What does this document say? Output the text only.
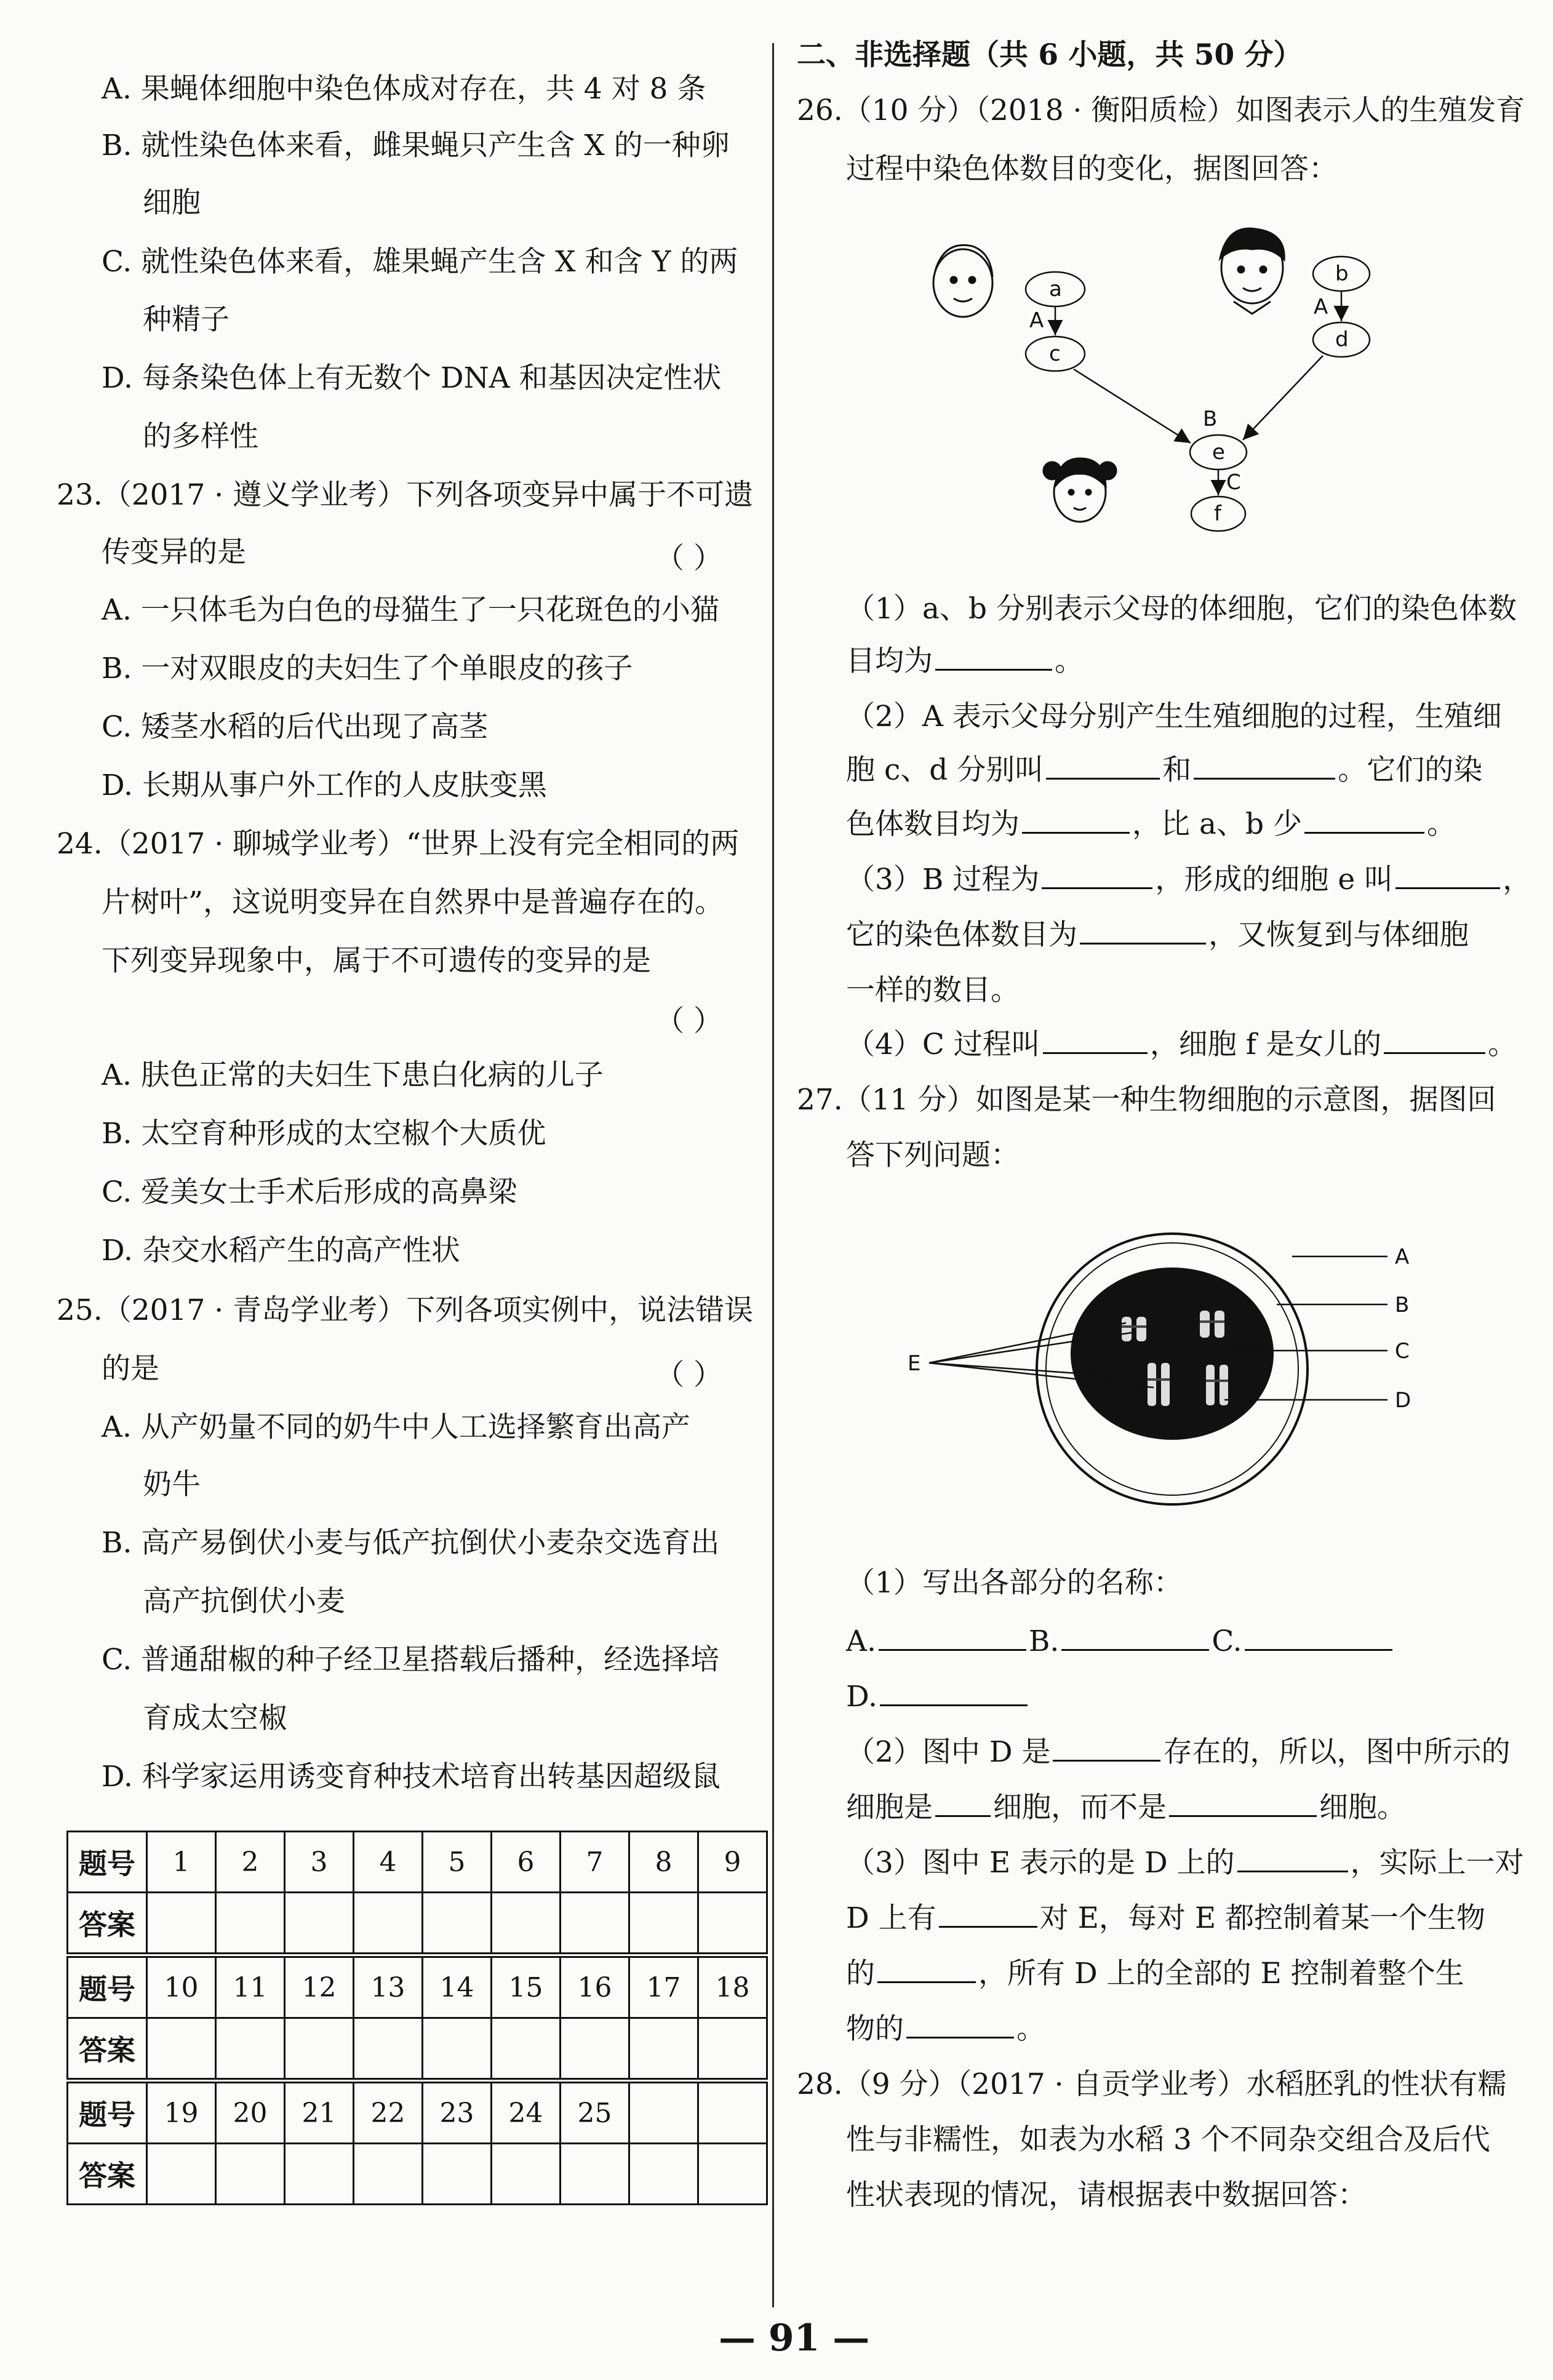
A. 果蝇体细胞中染色体成对存在，共 4 对 8 条
B. 就性染色体来看，雌果蝇只产生含 X 的一种卵
细胞
C. 就性染色体来看，雄果蝇产生含 X 和含 Y 的两
种精子
D. 每条染色体上有无数个 DNA 和基因决定性状
的多样性
23.（2017 · 遵义学业考）下列各项变异中属于不可遗
传变异的是	（ ）
A. 一只体毛为白色的母猫生了一只花斑色的小猫
B. 一对双眼皮的夫妇生了个单眼皮的孩子
C. 矮茎水稻的后代出现了高茎
D. 长期从事户外工作的人皮肤变黑
24.（2017 · 聊城学业考）“世界上没有完全相同的两
片树叶”，这说明变异在自然界中是普遍存在的。
下列变异现象中，属于不可遗传的变异的是
（ ）
A. 肤色正常的夫妇生下患白化病的儿子
B. 太空育种形成的太空椒个大质优
C. 爱美女士手术后形成的高鼻梁
D. 杂交水稻产生的高产性状
25.（2017 · 青岛学业考）下列各项实例中，说法错误
的是	（ ）
A. 从产奶量不同的奶牛中人工选择繁育出高产
奶牛
B. 高产易倒伏小麦与低产抗倒伏小麦杂交选育出
高产抗倒伏小麦
C. 普通甜椒的种子经卫星搭载后播种，经选择培
育成太空椒
D. 科学家运用诱变育种技术培育出转基因超级鼠
题号	1	2	3	4	5	6	7	8	9
答案									
题号	10	11	12	13	14	15	16	17	18
答案									
题号	19	20	21	22	23	24	25		
答案									
二、非选择题（共 6 小题，共 50 分）
26.（10 分）（2018 · 衡阳质检）如图表示人的生殖发育
过程中染色体数目的变化，据图回答：
a
b
c
d
e
f
A
A
B
C
（1）a、b 分别表示父母的体细胞，它们的染色体数
目均为	。
（2）A 表示父母分别产生生殖细胞的过程，生殖细
胞 c、d 分别叫	和	。它们的染
色体数目均为	，比 a、b 少	。
（3）B 过程为	，形成的细胞 e 叫	，
它的染色体数目为	，又恢复到与体细胞
一样的数目。
（4）C 过程叫	，细胞 f 是女儿的	。
27.（11 分）如图是某一种生物细胞的示意图，据图回
答下列问题：
A
B
C
D
E
（1）写出各部分的名称：
A.	B.	C.
D.
（2）图中 D 是	存在的，所以，图中所示的
细胞是 细胞，而不是	细胞。
（3）图中 E 表示的是 D 上的	，实际上一对
D 上有	对 E，每对 E 都控制着某一个生物
的	，所有 D 上的全部的 E 控制着整个生
物的	。
28.（9 分）（2017 · 自贡学业考）水稻胚乳的性状有糯
性与非糯性，如表为水稻 3 个不同杂交组合及后代
性状表现的情况，请根据表中数据回答：
— 91 —
